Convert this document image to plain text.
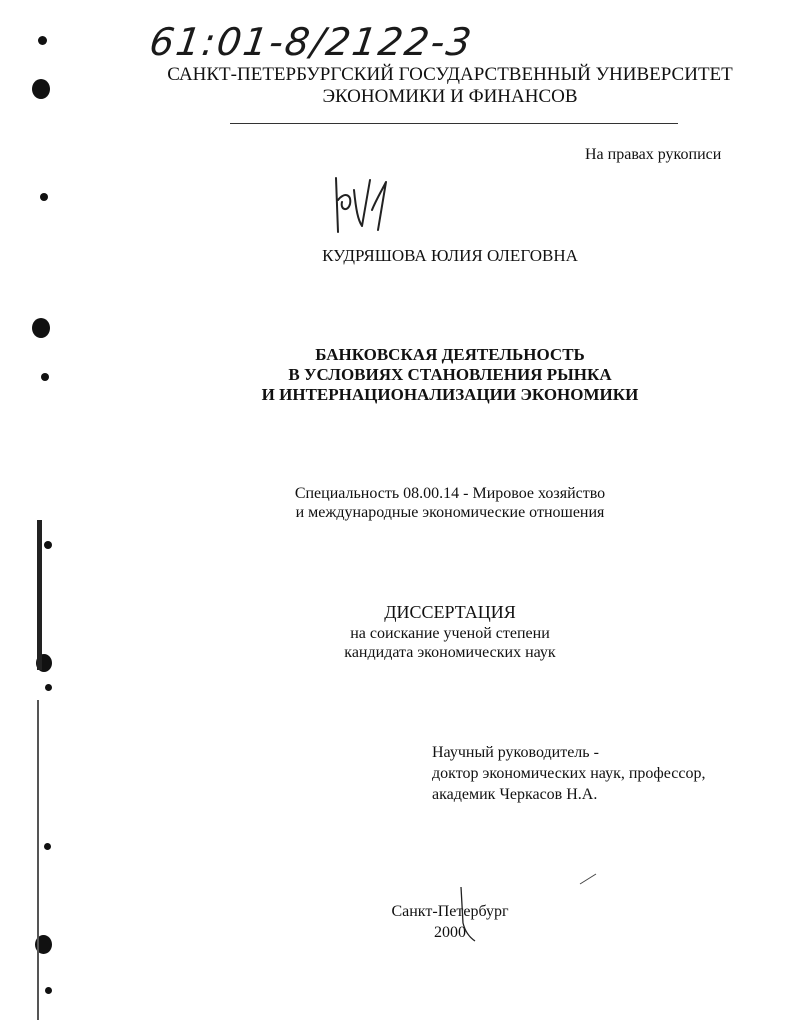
61:01-8/2122-3
САНКТ-ПЕТЕРБУРГСКИЙ ГОСУДАРСТВЕННЫЙ УНИВЕРСИТЕТ
ЭКОНОМИКИ И ФИНАНСОВ
На правах рукописи
КУДРЯШОВА ЮЛИЯ ОЛЕГОВНА
БАНКОВСКАЯ ДЕЯТЕЛЬНОСТЬ
В УСЛОВИЯХ СТАНОВЛЕНИЯ РЫНКА
И ИНТЕРНАЦИОНАЛИЗАЦИИ ЭКОНОМИКИ
Специальность 08.00.14 - Мировое хозяйство
и международные экономические отношения
ДИССЕРТАЦИЯ
на соискание ученой степени
кандидата экономических наук
Научный руководитель -
доктор экономических наук, профессор,
академик Черкасов Н.А.
Санкт-Петербург
2000
